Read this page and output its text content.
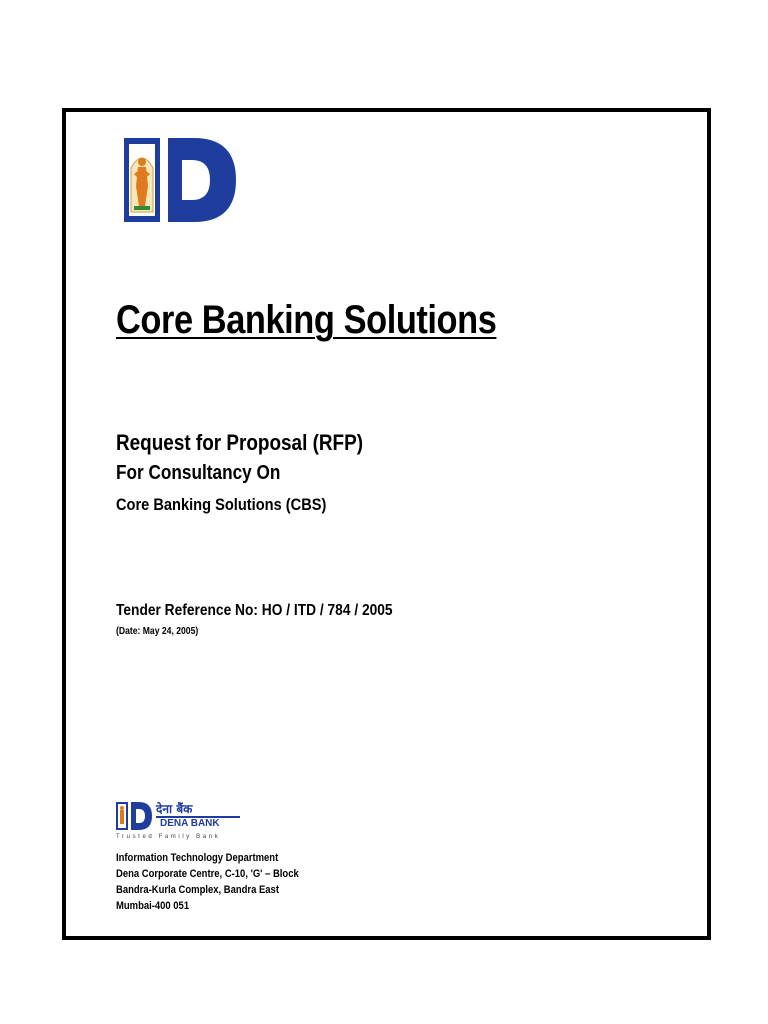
Core Banking Solutions
Request for Proposal (RFP)
For Consultancy On
Core Banking Solutions (CBS)
Tender Reference No: HO / ITD / 784 / 2005
(Date: May 24, 2005)
देना बैंक
DENA BANK
Trusted Family Bank
Information Technology Department
Dena Corporate Centre, C-10, 'G' – Block
Bandra-Kurla Complex, Bandra East
Mumbai-400 051
